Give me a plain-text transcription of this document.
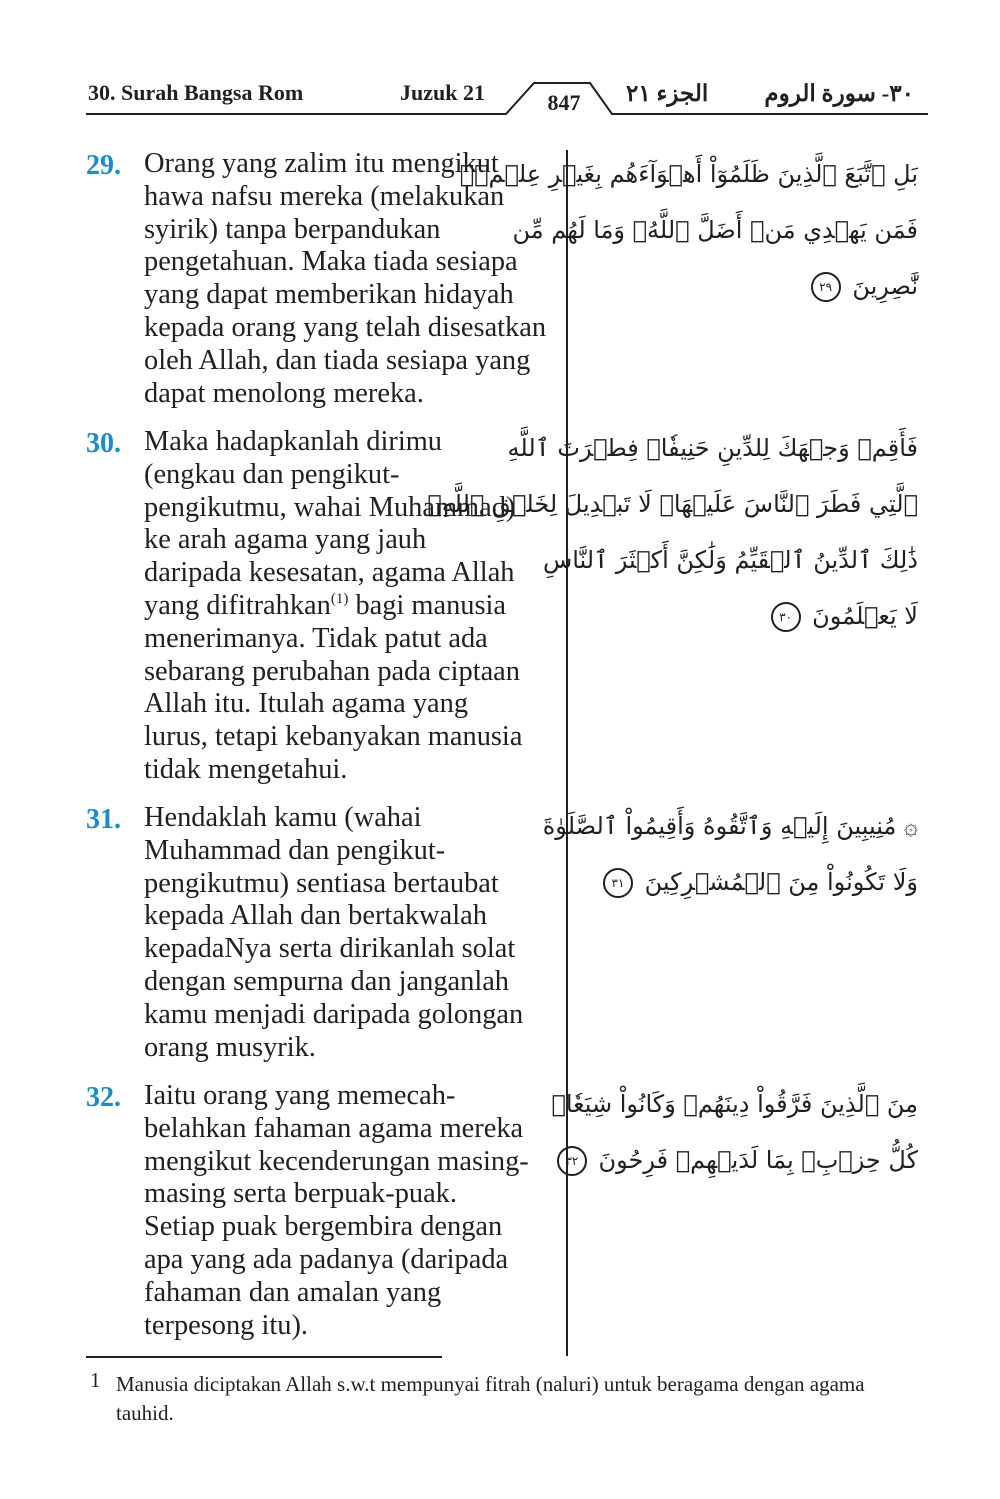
30. Surah Bangsa Rom	Juzuk 21	847	الجزء ٢١ ٣٠- سورة الروم
29. Orang yang zalim itu mengikut
hawa nafsu mereka (melakukan
syirik) tanpa berpandukan
pengetahuan. Maka tiada sesiapa
yang dapat memberikan hidayah
kepada orang yang telah disesatkan
oleh Allah, dan tiada sesiapa yang
dapat menolong mereka.
بَلِ ٱتَّبَعَ ٱلَّذِينَ ظَلَمُوٓاْ أَهۡوَآءَهُم بِغَيۡرِ عِلۡمٖۖ
فَمَن يَهۡدِي مَنۡ أَضَلَّ ٱللَّهُۖ وَمَا لَهُم مِّن
نَّٰصِرِينَ ٢٩
30. Maka hadapkanlah dirimu
(engkau dan pengikut-
pengikutmu, wahai Muhammad)
ke arah agama yang jauh
daripada kesesatan, agama Allah
yang difitrahkan$^{(1)}$ bagi manusia
menerimanya. Tidak patut ada
sebarang perubahan pada ciptaan
Allah itu. Itulah agama yang
lurus, tetapi kebanyakan manusia
tidak mengetahui.
فَأَقِمۡ وَجۡهَكَ لِلدِّينِ حَنِيفٗاۚ فِطۡرَتَ ٱللَّهِ
ٱلَّتِي فَطَرَ ٱلنَّاسَ عَلَيۡهَاۚ لَا تَبۡدِيلَ لِخَلۡقِ ٱللَّهِۚ
ذَٰلِكَ ٱلدِّينُ ٱلۡقَيِّمُ وَلَٰكِنَّ أَكۡثَرَ ٱلنَّاسِ
لَا يَعۡلَمُونَ ٣٠
31. Hendaklah kamu (wahai
Muhammad dan pengikut-
pengikutmu) sentiasa bertaubat
kepada Allah dan bertakwalah
kepadaNya serta dirikanlah solat
dengan sempurna dan janganlah
kamu menjadi daripada golongan
orang musyrik.
۞ مُنِيبِينَ إِلَيۡهِ وَٱتَّقُوهُ وَأَقِيمُواْ ٱلصَّلَوٰةَ
وَلَا تَكُونُواْ مِنَ ٱلۡمُشۡرِكِينَ ٣١
32. Iaitu orang yang memecah-
belahkan fahaman agama mereka
mengikut kecenderungan masing-
masing serta berpuak-puak.
Setiap puak bergembira dengan
apa yang ada padanya (daripada
fahaman dan amalan yang
terpesong itu).
مِنَ ٱلَّذِينَ فَرَّقُواْ دِينَهُمۡ وَكَانُواْ شِيَعٗاۖ
كُلُّ حِزۡبِۭ بِمَا لَدَيۡهِمۡ فَرِحُونَ ٣٢
1 Manusia diciptakan Allah s.w.t mempunyai fitrah (naluri) untuk beragama dengan agama tauhid.
